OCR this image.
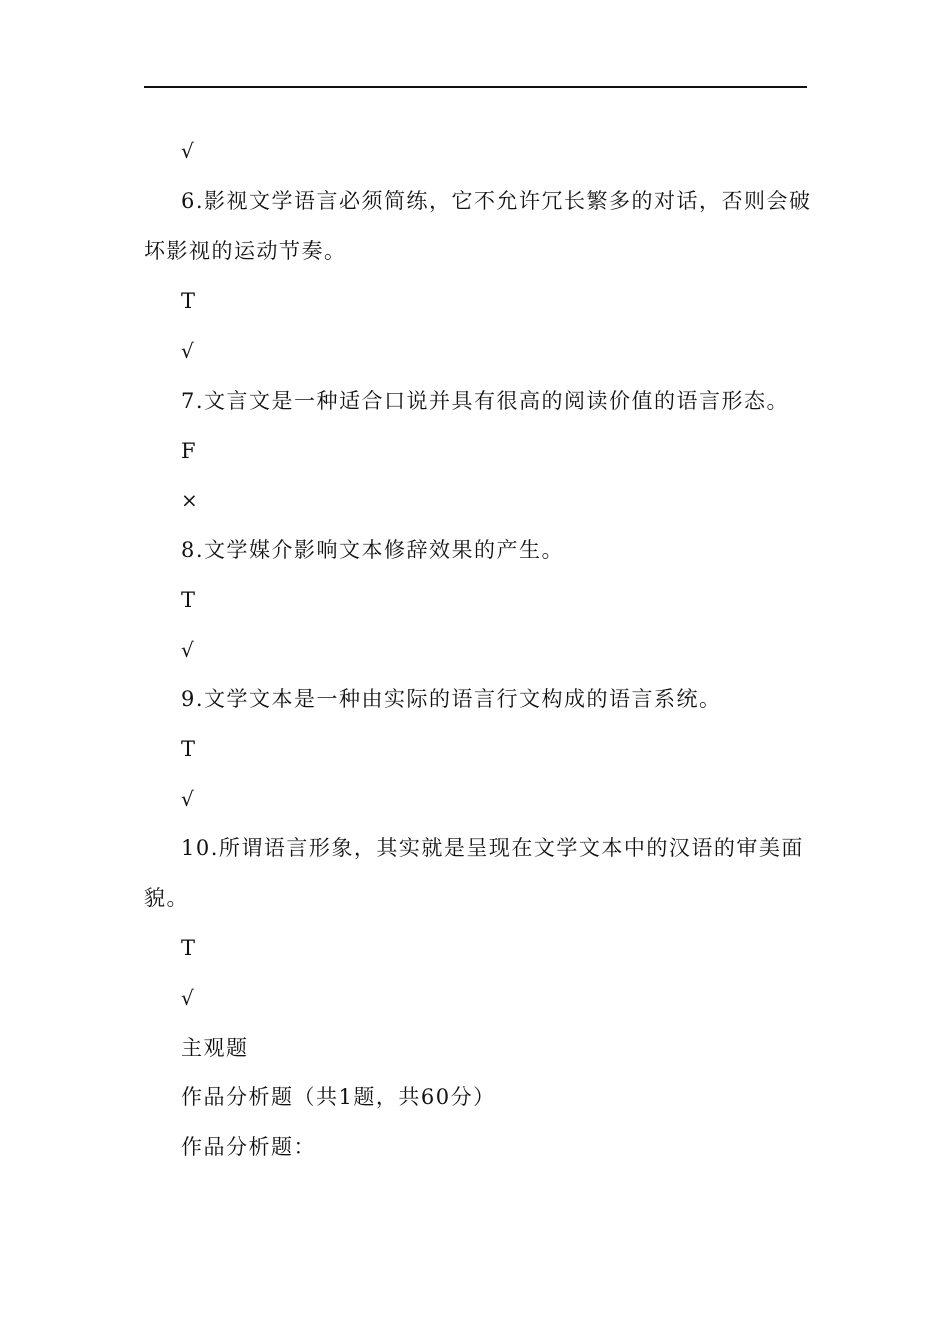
√
6.影视文学语言必须简练，它不允许冗长繁多的对话，否则会破
坏影视的运动节奏。
T
√
7.文言文是一种适合口说并具有很高的阅读价值的语言形态。
F
×
8.文学媒介影响文本修辞效果的产生。
T
√
9.文学文本是一种由实际的语言行文构成的语言系统。
T
√
10.所谓语言形象，其实就是呈现在文学文本中的汉语的审美面
貌。
T
√
主观题
作品分析题（共1题，共60分）
作品分析题：
